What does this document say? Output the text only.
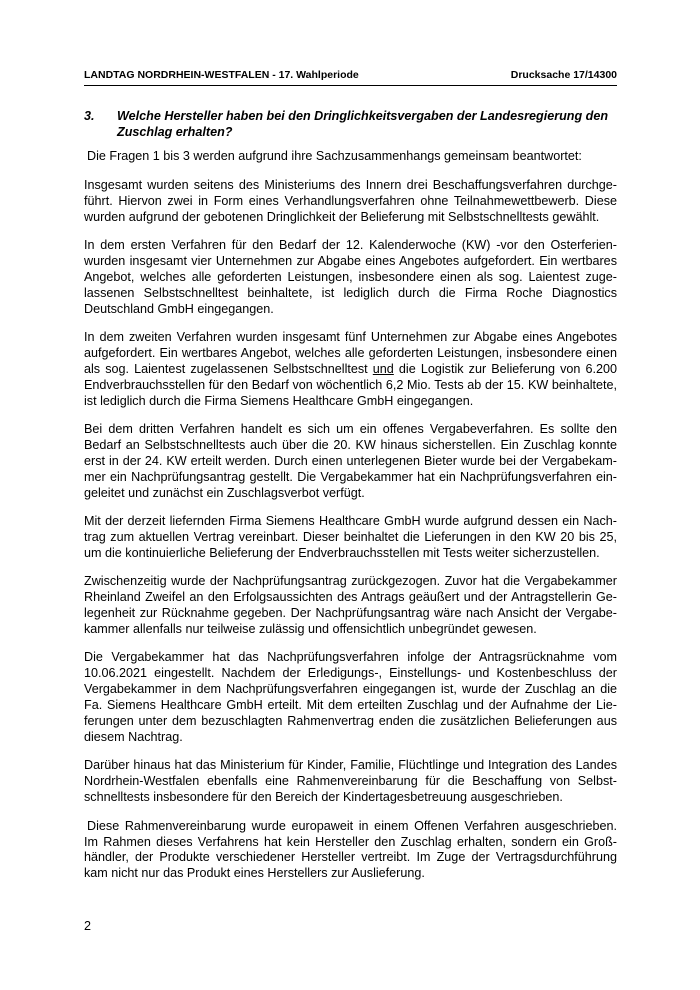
LANDTAG NORDRHEIN-WESTFALEN - 17. Wahlperiode	Drucksache 17/14300
3.	Welche Hersteller haben bei den Dringlichkeitsvergaben der Landesregierung den Zuschlag erhalten?

Die Fragen 1 bis 3 werden aufgrund ihre Sachzusammenhangs gemeinsam beantwortet:

Insgesamt wurden seitens des Ministeriums des Innern drei Beschaffungsverfahren durchgeführt. Hiervon zwei in Form eines Verhandlungsverfahren ohne Teilnahmewettbewerb. Diese wurden aufgrund der gebotenen Dringlichkeit der Belieferung mit Selbstschnelltests gewählt.

In dem ersten Verfahren für den Bedarf der 12. Kalenderwoche (KW) -vor den Osterferienwurden insgesamt vier Unternehmen zur Abgabe eines Angebotes aufgefordert. Ein wertbares Angebot, welches alle geforderten Leistungen, insbesondere einen als sog. Laientest zugelassenen Selbstschnelltest beinhaltete, ist lediglich durch die Firma Roche Diagnostics Deutschland GmbH eingegangen.

In dem zweiten Verfahren wurden insgesamt fünf Unternehmen zur Abgabe eines Angebotes aufgefordert. Ein wertbares Angebot, welches alle geforderten Leistungen, insbesondere einen als sog. Laientest zugelassenen Selbstschnelltest und die Logistik zur Belieferung von 6.200 Endverbrauchsstellen für den Bedarf von wöchentlich 6,2 Mio. Tests ab der 15. KW beinhaltete, ist lediglich durch die Firma Siemens Healthcare GmbH eingegangen.

Bei dem dritten Verfahren handelt es sich um ein offenes Vergabeverfahren. Es sollte den Bedarf an Selbstschnelltests auch über die 20. KW hinaus sicherstellen. Ein Zuschlag konnte erst in der 24. KW erteilt werden. Durch einen unterlegenen Bieter wurde bei der Vergabekammer ein Nachprüfungsantrag gestellt. Die Vergabekammer hat ein Nachprüfungsverfahren eingeleitet und zunächst ein Zuschlagsverbot verfügt.

Mit der derzeit liefernden Firma Siemens Healthcare GmbH wurde aufgrund dessen ein Nachtrag zum aktuellen Vertrag vereinbart. Dieser beinhaltet die Lieferungen in den KW 20 bis 25, um die kontinuierliche Belieferung der Endverbrauchsstellen mit Tests weiter sicherzustellen.

Zwischenzeitig wurde der Nachprüfungsantrag zurückgezogen. Zuvor hat die Vergabekammer Rheinland Zweifel an den Erfolgsaussichten des Antrags geäußert und der Antragstellerin Gelegenheit zur Rücknahme gegeben. Der Nachprüfungsantrag wäre nach Ansicht der Vergabekammer allenfalls nur teilweise zulässig und offensichtlich unbegründet gewesen.

Die Vergabekammer hat das Nachprüfungsverfahren infolge der Antragsrücknahme vom 10.06.2021 eingestellt. Nachdem der Erledigungs-, Einstellungs- und Kostenbeschluss der Vergabekammer in dem Nachprüfungsverfahren eingegangen ist, wurde der Zuschlag an die Fa. Siemens Healthcare GmbH erteilt. Mit dem erteilten Zuschlag und der Aufnahme der Lieferungen unter dem bezuschlagten Rahmenvertrag enden die zusätzlichen Belieferungen aus diesem Nachtrag.

Darüber hinaus hat das Ministerium für Kinder, Familie, Flüchtlinge und Integration des Landes Nordrhein-Westfalen ebenfalls eine Rahmenvereinbarung für die Beschaffung von Selbstschnelltests insbesondere für den Bereich der Kindertagesbetreuung ausgeschrieben.

Diese Rahmenvereinbarung wurde europaweit in einem Offenen Verfahren ausgeschrieben. Im Rahmen dieses Verfahrens hat kein Hersteller den Zuschlag erhalten, sondern ein Großhändler, der Produkte verschiedener Hersteller vertreibt. Im Zuge der Vertragsdurchführung kam nicht nur das Produkt eines Herstellers zur Auslieferung.

2
